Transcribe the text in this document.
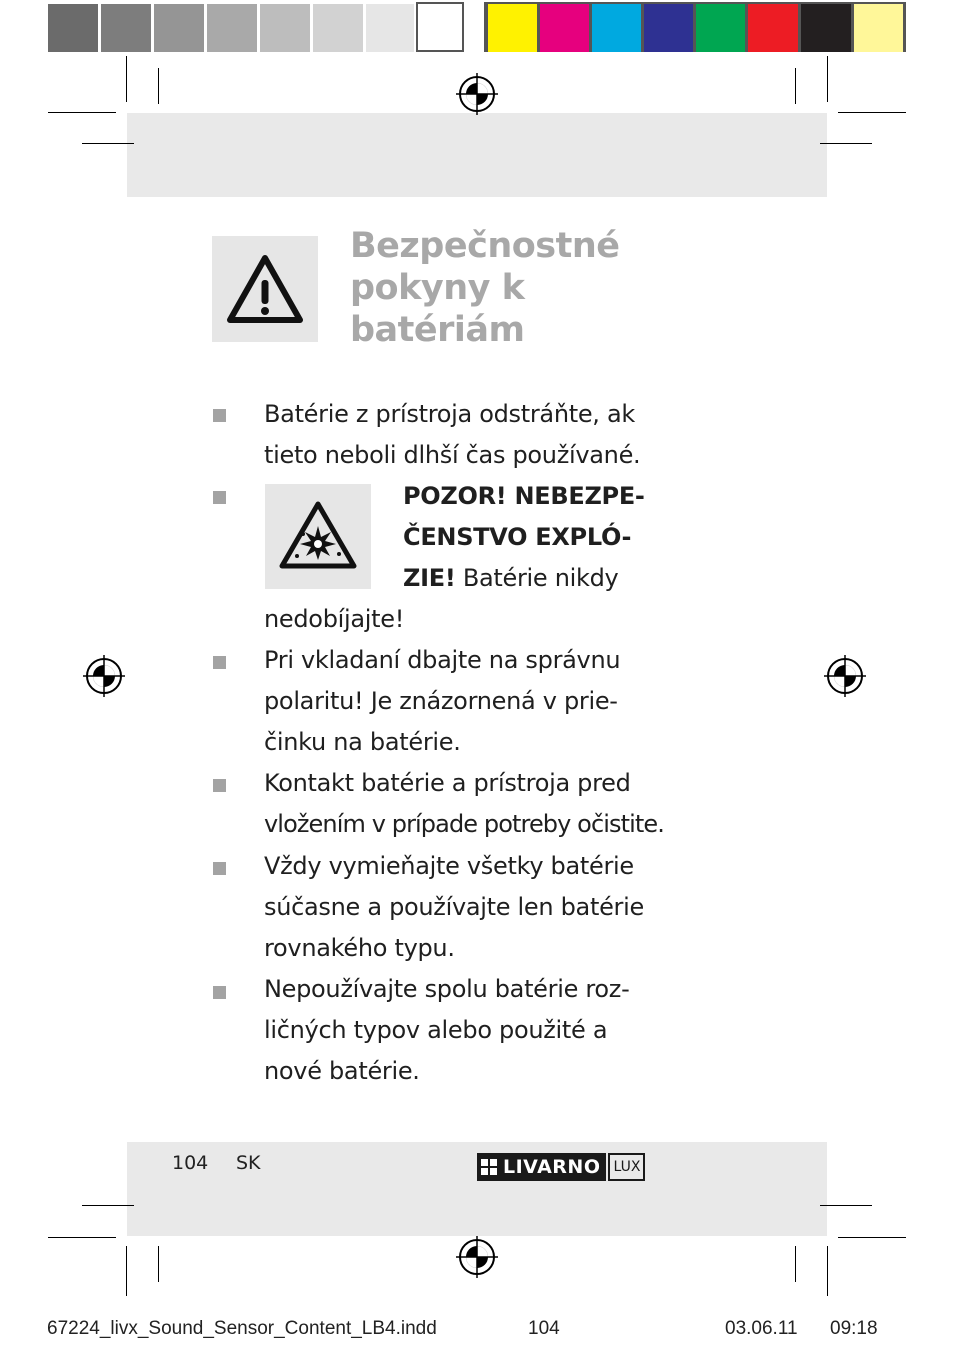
Bezpečnostné
pokyny k
batériám
Batérie z prístroja odstráňte, ak
tieto neboli dlhší čas používané.
POZOR! NEBEZPE-
ČENSTVO EXPLÓ-
ZIE! Batérie nikdy
nedobíjajte!
Pri vkladaní dbajte na správnu
polaritu! Je znázornená v prie-
činku na batérie.
Kontakt batérie a prístroja pred
vložením v prípade potreby očistite.
Vždy vymieňajte všetky batérie
súčasne a používajte len batérie
rovnakého typu.
Nepoužívajte spolu batérie roz-
ličných typov alebo použité a
nové batérie.
104 SK	LIVARNO LUX
67224_livx_Sound_Sensor_Content_LB4.indd	104	03.06.11 09:18
